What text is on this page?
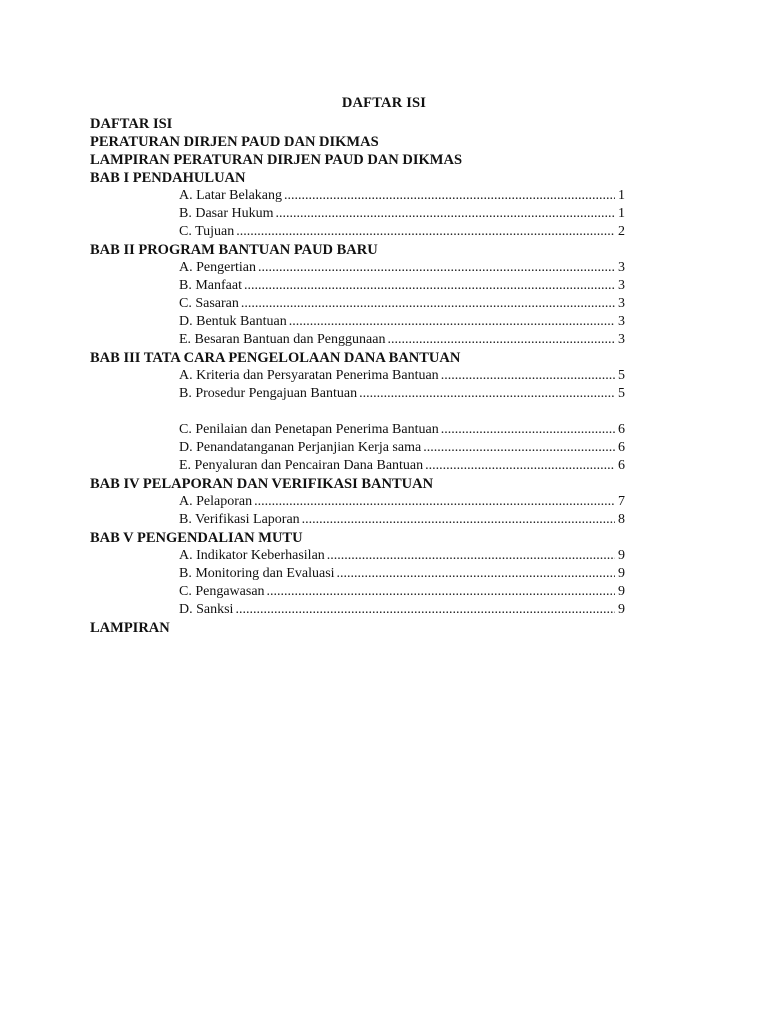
DAFTAR ISI
DAFTAR ISI
PERATURAN DIRJEN PAUD DAN DIKMAS
LAMPIRAN PERATURAN DIRJEN PAUD DAN DIKMAS
BAB I PENDAHULUAN
A. Latar Belakang .....	1
B. Dasar Hukum .....	1
C. Tujuan .....	2
BAB II PROGRAM BANTUAN PAUD BARU
A. Pengertian .....	3
B. Manfaat .....	3
C. Sasaran .....	3
D. Bentuk Bantuan .....	3
E. Besaran Bantuan dan Penggunaan .....	3
BAB III TATA CARA PENGELOLAAN DANA BANTUAN
A. Kriteria dan Persyaratan Penerima Bantuan .....	5
B. Prosedur Pengajuan Bantuan .....	5
C. Penilaian dan Penetapan Penerima Bantuan .....	6
D. Penandatanganan Perjanjian Kerja sama .....	6
E. Penyaluran dan Pencairan Dana Bantuan .....	6
BAB IV PELAPORAN DAN VERIFIKASI BANTUAN
A. Pelaporan .....	7
B. Verifikasi Laporan .....	8
BAB V PENGENDALIAN MUTU
A. Indikator Keberhasilan .....	9
B. Monitoring dan Evaluasi .....	9
C. Pengawasan .....	9
D. Sanksi .....	9
LAMPIRAN
